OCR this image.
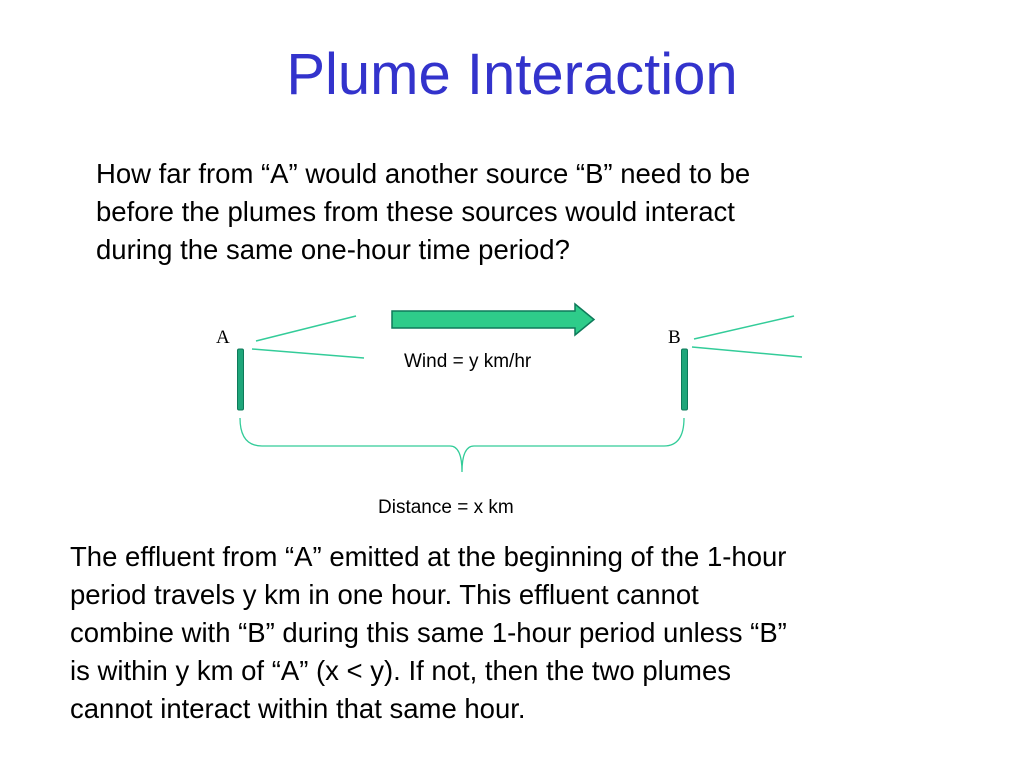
Plume Interaction

How far from “A” would another source “B” need to be
before the plumes from these sources would interact
during the same one-hour time period?

A	B
Wind = y km/hr
Distance = x km

The effluent from “A” emitted at the beginning of the 1-hour
period travels y km in one hour. This effluent cannot
combine with “B” during this same 1-hour period unless “B”
is within y km of “A” (x < y). If not, then the two plumes
cannot interact within that same hour.
